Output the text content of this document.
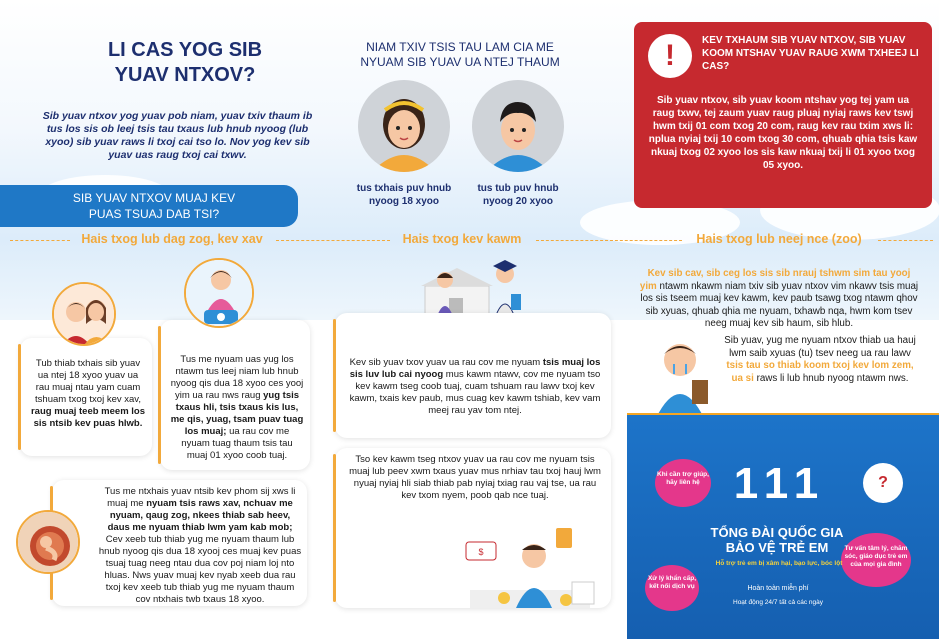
LI CAS YOG SIB
YUAV NTXOV?
Sib yuav ntxov yog yuav pob niam, yuav txiv thaum ib tus los sis ob leej tsis tau txaus lub hnub nyoog (lub xyoo) sib yuav raws li txoj cai tso lo. Nov yog kev sib yuav uas raug txoj cai txwv.
SIB YUAV NTXOV MUAJ KEV
PUAS TSUAJ DAB TSI?
NIAM TXIV TSIS TAU LAM CIA ME
NYUAM SIB YUAV UA NTEJ THAUM
tus txhais puv hnub
nyoog 18 xyoo
tus tub puv hnub
nyoog 20 xyoo
!	KEV TXHAUM SIB YUAV NTXOV, SIB YUAV KOOM NTSHAV YUAV RAUG XWM TXHEEJ LI CAS?
Sib yuav ntxov, sib yuav koom ntshav yog tej yam ua raug txwv, tej zaum yuav raug pluaj nyiaj raws kev tswj hwm txij 01 com txog 20 com, raug kev rau txim xws li: nplua nyiaj txij 10 com txog 30 com, qhuab qhia tsis kaw nkuaj txog 02 xyoo los sis kaw nkuaj txij li 01 xyoo txog 05 xyoo.
Hais txog lub dag zog, kev xav	Hais txog kev kawm	Hais txog lub neej nce (zoo)
Tub thiab txhais sib yuav ua ntej 18 xyoo yuav ua rau muaj ntau yam cuam tshuam txog txoj kev xav, raug muaj teeb meem los sis ntsib kev puas hlwb.
Tus me nyuam uas yug los ntawm tus leej niam lub hnub nyoog qis dua 18 xyoo ces yooj yim ua rau nws raug yug tsis txaus hli, tsis txaus kis lus, me qis, yuag, tsam puav tuag los muaj; ua rau cov me nyuam tuag thaum tsis tau muaj 01 xyoo coob tuaj.
Tus me ntxhais yuav ntsib kev phom sij xws li muaj me nyuam tsis raws xav, nchuav me nyuam, qaug zog, nkees thiab sab heev, daus me nyuam thiab lwm yam kab mob; Cev xeeb tub thiab yug me nyuam thaum lub hnub nyoog qis dua 18 xyooj ces muaj kev puas tsuaj tuag neeg ntau dua cov poj niam loj nto hluas. Nws yuav muaj kev nyab xeeb dua rau txoj kev xeeb tub thiab yug me nyuam thaum cov ntxhais twb txaus 18 xyoo.
Kev sib yuav txov yuav ua rau cov me nyuam tsis muaj los sis luv lub cai nyoog mus kawm ntawv, cov me nyuam tso kev kawm tseg coob tuaj, cuam tshuam rau lawv txoj kev kawm, txais kev paub, mus cuag kev kawm tshiab, kev vam meej rau yav tom ntej.
Tso kev kawm tseg ntxov yuav ua rau cov me nyuam tsis muaj lub peev xwm txaus yuav mus nrhiav tau txoj hauj lwm nyuaj nyiaj hli siab thiab pab nyiaj txiag rau vaj tse, ua rau kev txom nyem, poob qab nce tuaj.
$
Kev sib cav, sib ceg los sis sib nrauj tshwm sim tau yooj yim ntawm nkawm niam txiv sib yuav ntxov vim nkawv tsis muaj los sis tseem muaj kev kawm, kev paub tsawg txog ntawm qhov sib xyuas, qhuab qhia me nyuam, txhawb nqa, hwm kom tsev neeg muaj kev sib haum, sib hlub.
Sib yuav, yug me nyuam ntxov thiab ua hauj lwm saib xyuas (tu) tsev neeg ua rau lawv tsis tau so thiab koom txoj kev lom zem, ua si raws li lub hnub nyoog ntawm nws.
Khi cần trợ giúp, hãy liên hệ
Tư vấn tâm lý, chăm sóc, giáo dục trẻ em của mọi gia đình
Xử lý khẩn cấp, kết nối dịch vụ
111
TỔNG ĐÀI QUỐC GIA
BẢO VỆ TRẺ EM
Hỗ trợ trẻ em bị xâm hại, bạo lực, bóc lột
Hoàn toàn miễn phí
Hoạt động 24/7 tất cả các ngày
?
